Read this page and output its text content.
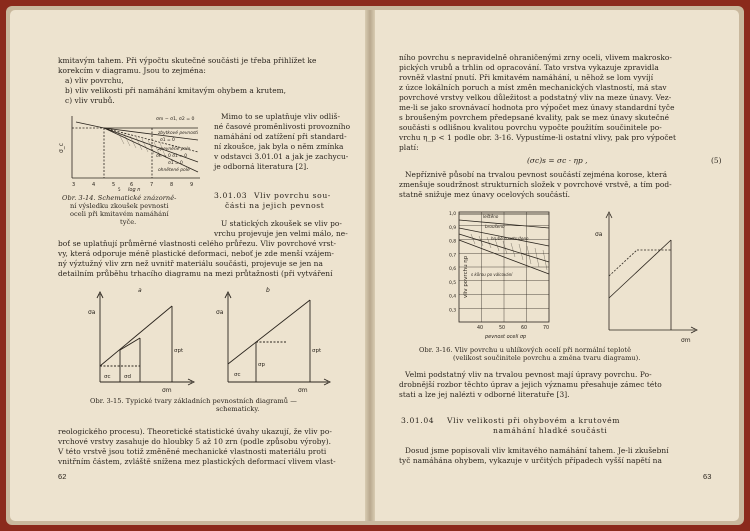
kmitavým tahem. Při výpočtu skutečné součásti je třeba přihlížet ke
korekcím v diagramu. Jsou to zejména:
a) vliv povrchu,
b) vliv velikosti při namáhání kmitavým ohybem a krutem,
c) vliv vrubů.
σ_c
σm − σ1, σ2 = 0
zbytkové pevnosti
σ1 = 0
zpevněné pole
σh = 0 σ1 = 0
σ1 = 0
ohnětené pole
3	4	5	6	7	8	9
5 log n
Mimo to se uplatňuje vliv odliš-
né časové proměnlivosti provozního
namáhání od zatížení při standard-
ní zkoušce, jak byla o něm zmínka
v odstavci 3.01.01 a jak je zachycu-
je odborná literatura [2].
Obr. 3-14. Schematické znázorně-
ní výsledku zkoušek pevnosti
oceli při kmitavém namáhání
tyče.
3.01.03 Vliv povrchu sou-
části na jejich pevnost
U statických zkoušek se vliv po-
vrchu projevuje jen velmi málo, ne-
boť se uplatňují průměrné vlastnosti celého průřezu. Vliv povrchové vrst-
vy, která odporuje méně plastické deformaci, neboť je zde menší vzájem-
ný výztužný vliv zrn než uvnitř materiálu součásti, projevuje se jen na
detailním průběhu trhacího diagramu na mezi průtažnosti (při vytváření
a	b
σa	σa
σm	σm
σc σd
σpt
σc
σp
σpt
Obr. 3-15. Typické tvary základních pevnostních diagramů —
schematicky.
reologického procesu). Theoretické statistické úvahy ukazují, že vliv po-
vrchové vrstvy zasahuje do hloubky 5 až 10 zrn (podle způsobu výroby).
V této vrstvě jsou totiž změněné mechanické vlastnosti materiálu proti
vnitřním částem, zvláště snížena mez plastických deformací vlivem vlast-
62
ního povrchu s nepravidelně ohraničenými zrny oceli, vlivem makrosko-
pických vrubů a trhlin od opracování. Tato vrstva vykazuje zpravidla
rovněž vlastní pnutí. Při kmitavém namáhání, u něhož se lom vyvíjí
z úzce lokálních poruch a míst změn mechanických vlastností, má stav
povrchové vrstvy velkou důležitost a podstatný vliv na meze únavy. Vez-
me-li se jako srovnávací hodnota pro výpočet mez únavy standardní tyče
s broušeným povrchem předepsané kvality, pak se mez únavy skutečné
součásti s odlišnou kvalitou povrchu vypočte použitím součinitele po-
vrchu η_p < 1 podle obr. 3-16. Vypustíme-li ostatní vlivy, pak pro výpočet
platí:
(σc)s = σc · ηp ,	(5)
Nepříznivě působí na trvalou pevnost součástí zejména korose, která
zmenšuje soudržnost strukturních složek v povrchové vrstvě, a tím pod-
statně snižuje mez únavy ocelových součástí.
vliv povrchu ηp
1,0
0,9
0,8
0,7
0,6
0,5
0,4
0,3
40	50	60	70
pevnost oceli σp
leštěno
broušeno
hrubě soustruženo
s kůrou po válcování
σa
σm
Obr. 3-16. Vliv povrchu u uhlíkových ocelí při normální teplotě
(velikost součinitele povrchu a změna tvaru diagramu).
Velmi podstatný vliv na trvalou pevnost mají úpravy povrchu. Po-
drobnější rozbor těchto úprav a jejich významu přesahuje zámec této
stati a lze jej nalézti v odborné literatuře [3].
3.01.04 Vliv velikosti při ohybovém a krutovém
namáhání hladké součásti
Dosud jsme popisovali vliv kmitavého namáhání tahem. Je-li zkušební
tyč namáhána ohybem, vykazuje v určitých případech vyšší napětí na
63
